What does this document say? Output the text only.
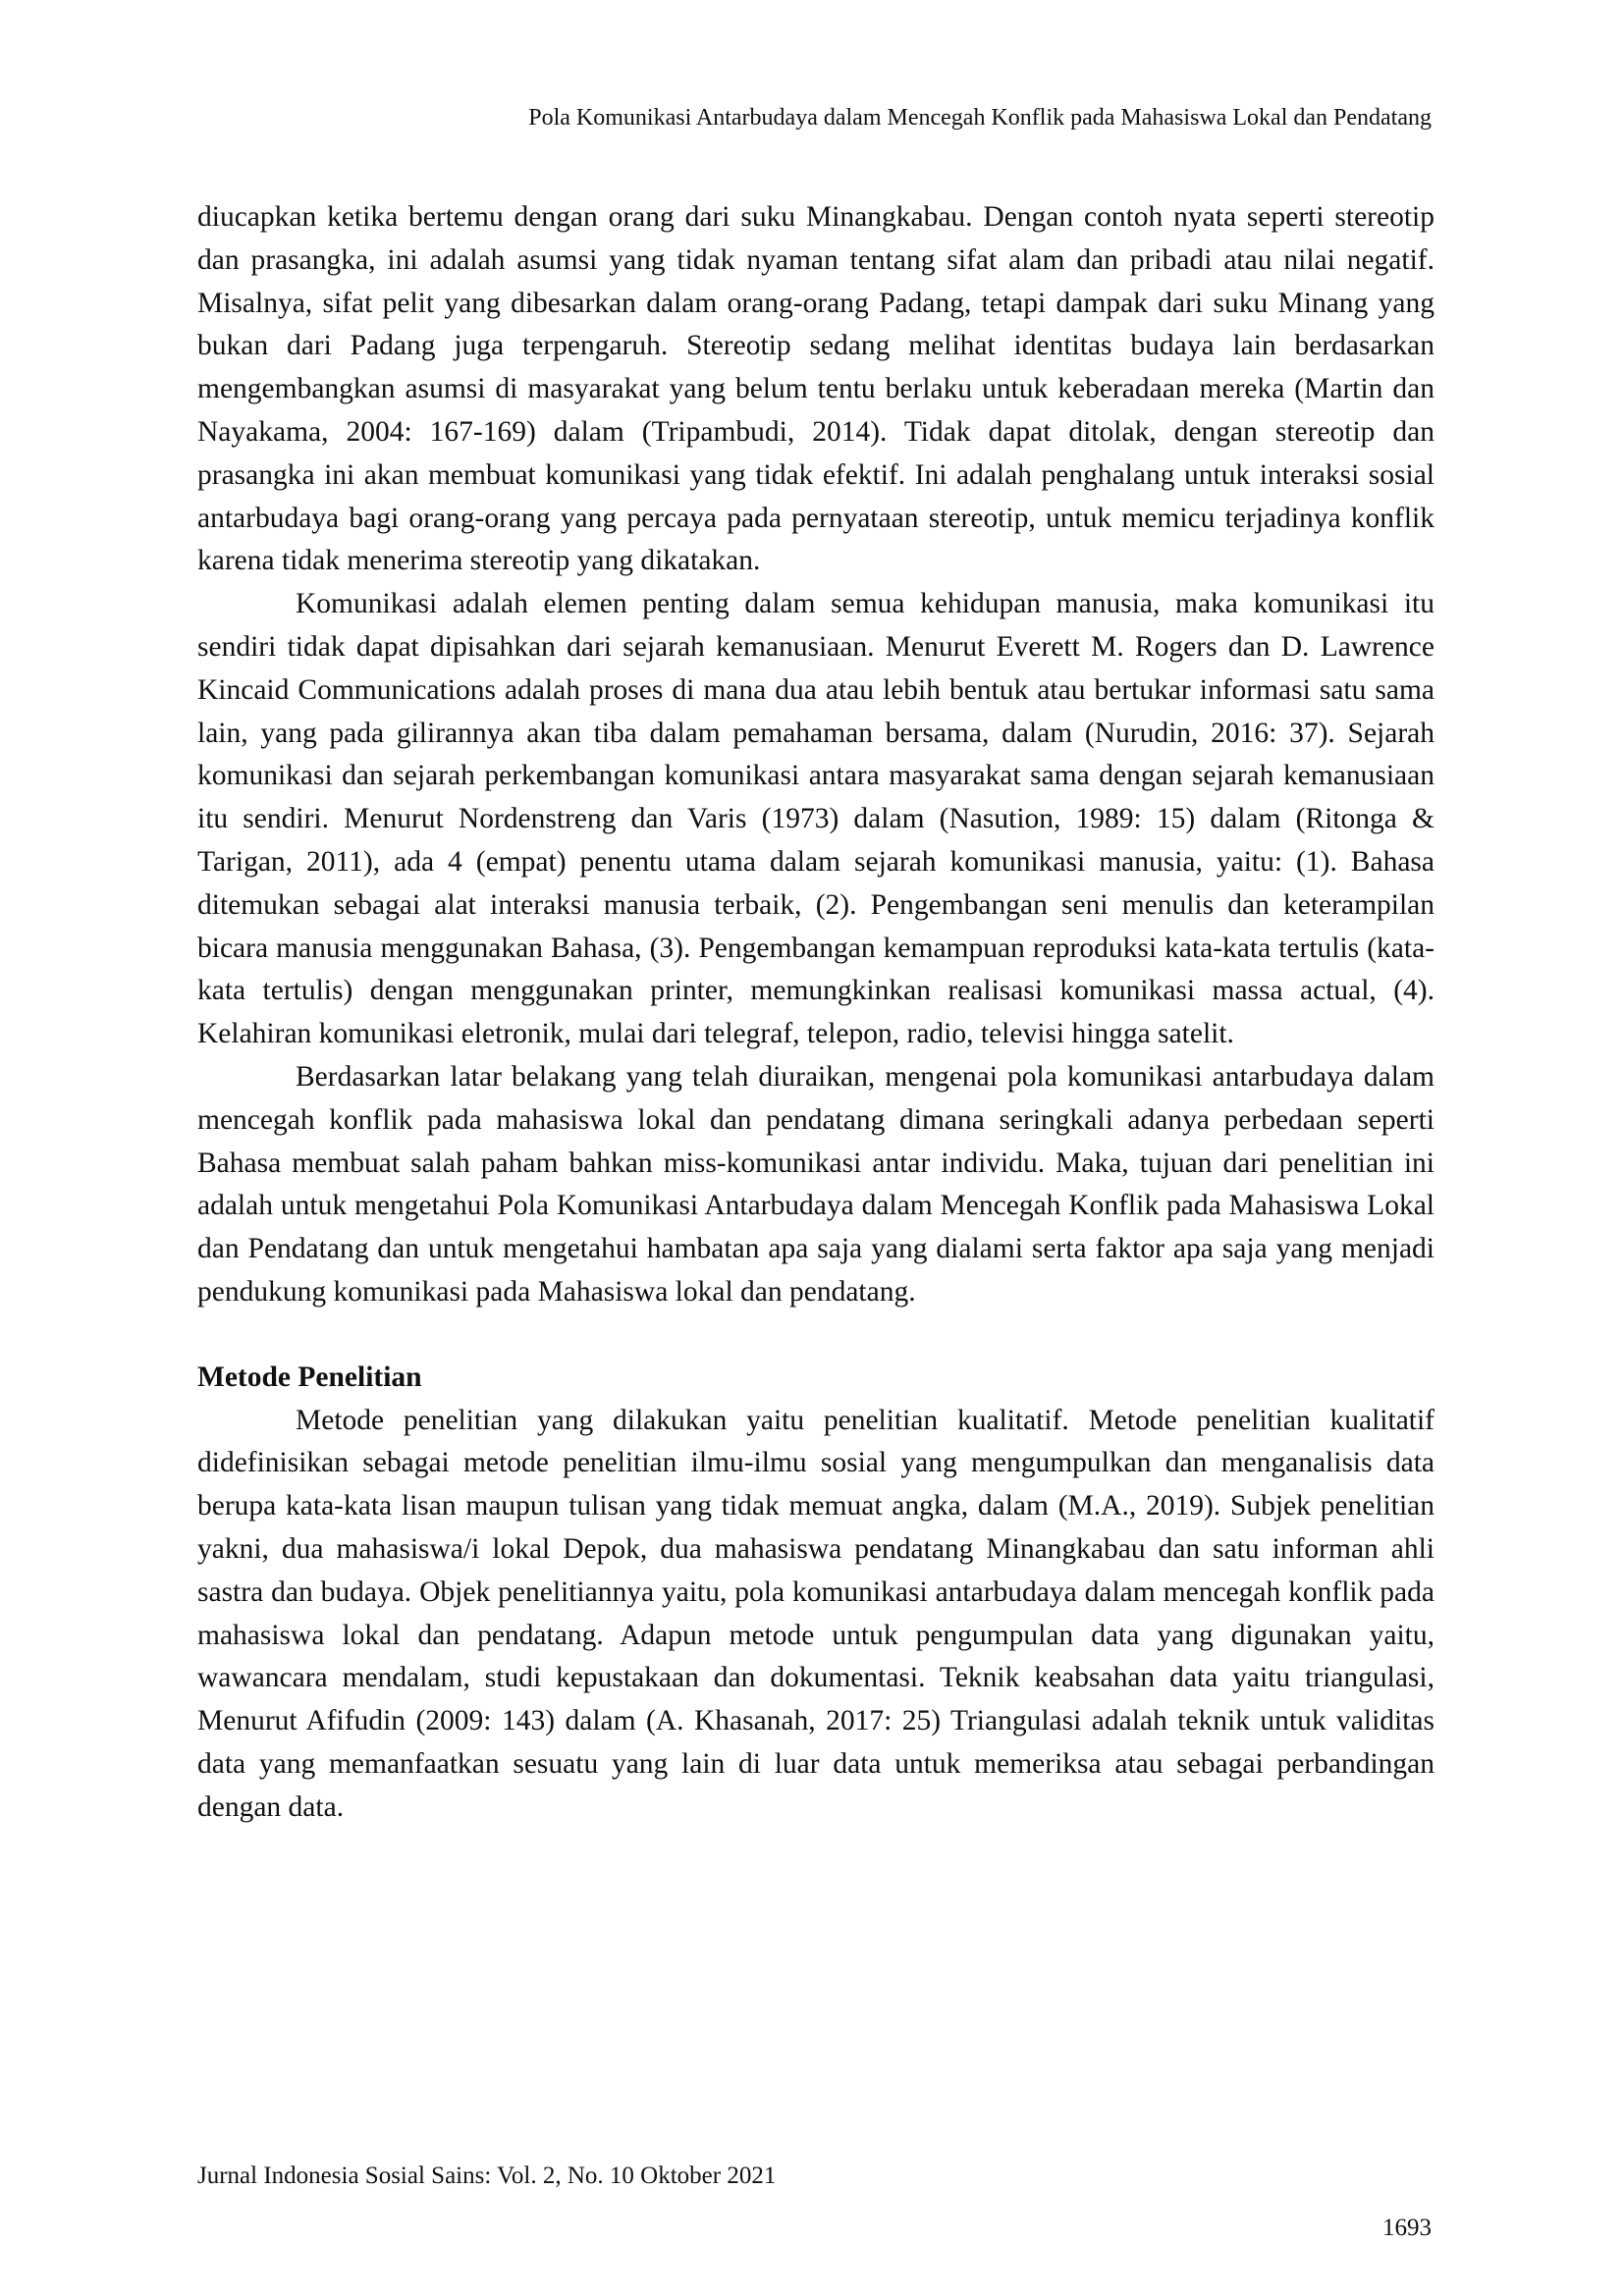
Pola Komunikasi Antarbudaya dalam Mencegah Konflik pada Mahasiswa Lokal dan Pendatang

diucapkan ketika bertemu dengan orang dari suku Minangkabau. Dengan contoh nyata seperti stereotip dan prasangka, ini adalah asumsi yang tidak nyaman tentang sifat alam dan pribadi atau nilai negatif. Misalnya, sifat pelit yang dibesarkan dalam orang-orang Padang, tetapi dampak dari suku Minang yang bukan dari Padang juga terpengaruh. Stereotip sedang melihat identitas budaya lain berdasarkan mengembangkan asumsi di masyarakat yang belum tentu berlaku untuk keberadaan mereka (Martin dan Nayakama, 2004: 167-169) dalam (Tripambudi, 2014). Tidak dapat ditolak, dengan stereotip dan prasangka ini akan membuat komunikasi yang tidak efektif. Ini adalah penghalang untuk interaksi sosial antarbudaya bagi orang-orang yang percaya pada pernyataan stereotip, untuk memicu terjadinya konflik karena tidak menerima stereotip yang dikatakan.

Komunikasi adalah elemen penting dalam semua kehidupan manusia, maka komunikasi itu sendiri tidak dapat dipisahkan dari sejarah kemanusiaan. Menurut Everett M. Rogers dan D. Lawrence Kincaid Communications adalah proses di mana dua atau lebih bentuk atau bertukar informasi satu sama lain, yang pada gilirannya akan tiba dalam pemahaman bersama, dalam (Nurudin, 2016: 37). Sejarah komunikasi dan sejarah perkembangan komunikasi antara masyarakat sama dengan sejarah kemanusiaan itu sendiri. Menurut Nordenstreng dan Varis (1973) dalam (Nasution, 1989: 15) dalam (Ritonga & Tarigan, 2011), ada 4 (empat) penentu utama dalam sejarah komunikasi manusia, yaitu: (1). Bahasa ditemukan sebagai alat interaksi manusia terbaik, (2). Pengembangan seni menulis dan keterampilan bicara manusia menggunakan Bahasa, (3). Pengembangan kemampuan reproduksi kata-kata tertulis (kata-kata tertulis) dengan menggunakan printer, memungkinkan realisasi komunikasi massa actual, (4). Kelahiran komunikasi eletronik, mulai dari telegraf, telepon, radio, televisi hingga satelit.

Berdasarkan latar belakang yang telah diuraikan, mengenai pola komunikasi antarbudaya dalam mencegah konflik pada mahasiswa lokal dan pendatang dimana seringkali adanya perbedaan seperti Bahasa membuat salah paham bahkan miss-komunikasi antar individu. Maka, tujuan dari penelitian ini adalah untuk mengetahui Pola Komunikasi Antarbudaya dalam Mencegah Konflik pada Mahasiswa Lokal dan Pendatang dan untuk mengetahui hambatan apa saja yang dialami serta faktor apa saja yang menjadi pendukung komunikasi pada Mahasiswa lokal dan pendatang.

Metode Penelitian

Metode penelitian yang dilakukan yaitu penelitian kualitatif. Metode penelitian kualitatif didefinisikan sebagai metode penelitian ilmu-ilmu sosial yang mengumpulkan dan menganalisis data berupa kata-kata lisan maupun tulisan yang tidak memuat angka, dalam (M.A., 2019). Subjek penelitian yakni, dua mahasiswa/i lokal Depok, dua mahasiswa pendatang Minangkabau dan satu informan ahli sastra dan budaya. Objek penelitiannya yaitu, pola komunikasi antarbudaya dalam mencegah konflik pada mahasiswa lokal dan pendatang. Adapun metode untuk pengumpulan data yang digunakan yaitu, wawancara mendalam, studi kepustakaan dan dokumentasi. Teknik keabsahan data yaitu triangulasi, Menurut Afifudin (2009: 143) dalam (A. Khasanah, 2017: 25) Triangulasi adalah teknik untuk validitas data yang memanfaatkan sesuatu yang lain di luar data untuk memeriksa atau sebagai perbandingan dengan data.

Jurnal Indonesia Sosial Sains: Vol. 2, No. 10 Oktober 2021
1693
